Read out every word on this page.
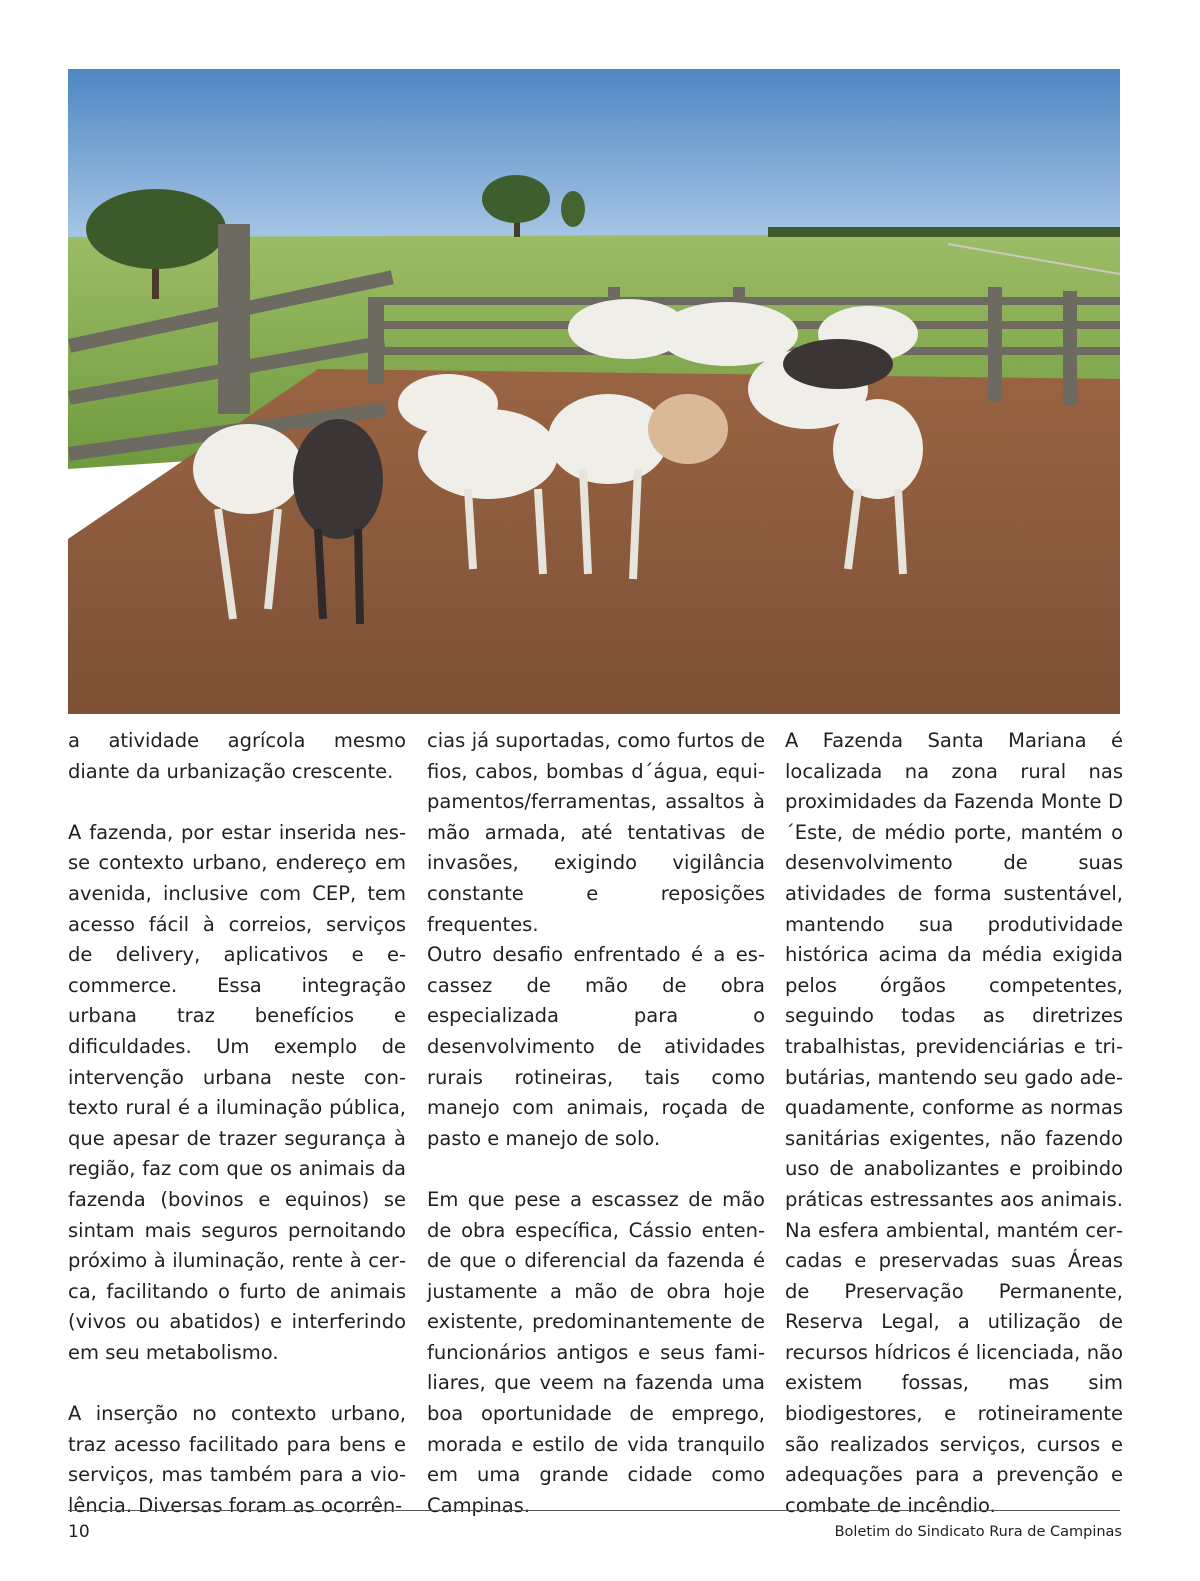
a atividade agrícola mesmo diante da urbanização crescente.

A fazenda, por estar inserida nesse contexto urbano, endereço em avenida, inclusive com CEP, tem acesso fácil à correios, serviços de delivery, aplicativos e e-commerce. Essa integração urbana traz benefícios e dificuldades. Um exemplo de intervenção urbana neste contexto rural é a iluminação pública, que apesar de trazer segurança à região, faz com que os animais da fazenda (bovinos e equinos) se sintam mais seguros pernoitando próximo à iluminação, rente à cerca, facilitando o furto de animais (vivos ou abatidos) e interferindo em seu metabolismo.

A inserção no contexto urbano, traz acesso facilitado para bens e serviços, mas também para a violência. Diversas foram as ocorrên-

cias já suportadas, como furtos de fios, cabos, bombas d´água, equipamentos/ferramentas, assaltos à mão armada, até tentativas de invasões, exigindo vigilância constante e reposições frequentes.

Outro desafio enfrentado é a escassez de mão de obra especializada para o desenvolvimento de atividades rurais rotineiras, tais como manejo com animais, roçada de pasto e manejo de solo.

Em que pese a escassez de mão de obra específica, Cássio entende que o diferencial da fazenda é justamente a mão de obra hoje existente, predominantemente de funcionários antigos e seus familiares, que veem na fazenda uma boa oportunidade de emprego, morada e estilo de vida tranquilo em uma grande cidade como Campinas.

A Fazenda Santa Mariana é localizada na zona rural nas proximidades da Fazenda Monte D´Este, de médio porte, mantém o desenvolvimento de suas atividades de forma sustentável, mantendo sua produtividade histórica acima da média exigida pelos órgãos competentes, seguindo todas as diretrizes trabalhistas, previdenciárias e tributárias, mantendo seu gado adequadamente, conforme as normas sanitárias exigentes, não fazendo uso de anabolizantes e proibindo práticas estressantes aos animais. Na esfera ambiental, mantém cercadas e preservadas suas Áreas de Preservação Permanente, Reserva Legal, a utilização de recursos hídricos é licenciada, não existem fossas, mas sim biodigestores, e rotineiramente são realizados serviços, cursos e adequações para a prevenção e combate de incêndio.

10	Boletim do Sindicato Rura de Campinas
